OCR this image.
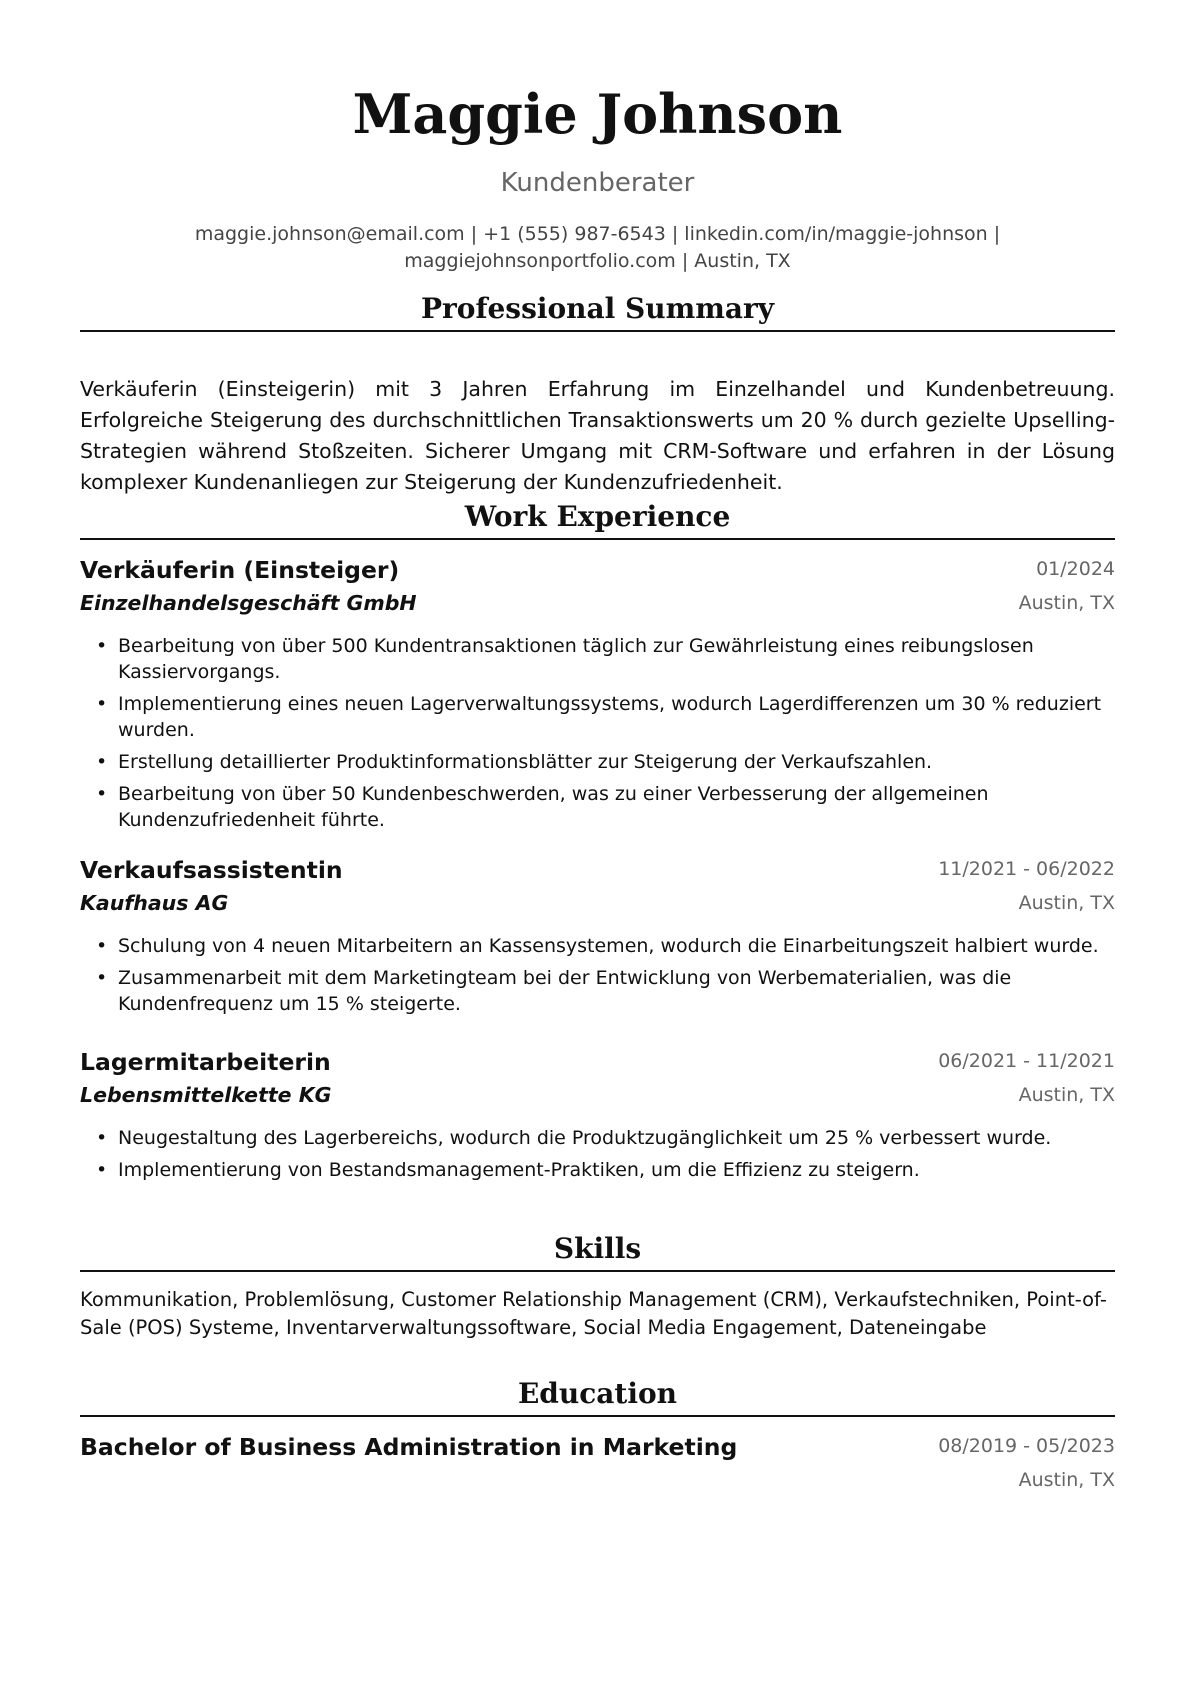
Maggie Johnson
Kundenberater
maggie.johnson@email.com | +1 (555) 987-6543 | linkedin.com/in/maggie-johnson |
maggiejohnsonportfolio.com | Austin, TX
Professional Summary
Verkäuferin (Einsteigerin) mit 3 Jahren Erfahrung im Einzelhandel und Kundenbetreuung. Erfolgreiche Steigerung des durchschnittlichen Transaktionswerts um 20 % durch gezielte Upselling-Strategien während Stoßzeiten. Sicherer Umgang mit CRM-Software und erfahren in der Lösung komplexer Kundenanliegen zur Steigerung der Kundenzufriedenheit.
Work Experience
Verkäuferin (Einsteiger)	01/2024
Einzelhandelsgeschäft GmbH	Austin, TX
• Bearbeitung von über 500 Kundentransaktionen täglich zur Gewährleistung eines reibungslosen Kassiervorgangs.
• Implementierung eines neuen Lagerverwaltungssystems, wodurch Lagerdifferenzen um 30 % reduziert wurden.
• Erstellung detaillierter Produktinformationsblätter zur Steigerung der Verkaufszahlen.
• Bearbeitung von über 50 Kundenbeschwerden, was zu einer Verbesserung der allgemeinen Kundenzufriedenheit führte.
Verkaufsassistentin	11/2021 - 06/2022
Kaufhaus AG	Austin, TX
• Schulung von 4 neuen Mitarbeitern an Kassensystemen, wodurch die Einarbeitungszeit halbiert wurde.
• Zusammenarbeit mit dem Marketingteam bei der Entwicklung von Werbematerialien, was die Kundenfrequenz um 15 % steigerte.
Lagermitarbeiterin	06/2021 - 11/2021
Lebensmittelkette KG	Austin, TX
• Neugestaltung des Lagerbereichs, wodurch die Produktzugänglichkeit um 25 % verbessert wurde.
• Implementierung von Bestandsmanagement-Praktiken, um die Effizienz zu steigern.
Skills
Kommunikation, Problemlösung, Customer Relationship Management (CRM), Verkaufstechniken, Point-of-Sale (POS) Systeme, Inventarverwaltungssoftware, Social Media Engagement, Dateneingabe
Education
Bachelor of Business Administration in Marketing	08/2019 - 05/2023
Austin, TX
